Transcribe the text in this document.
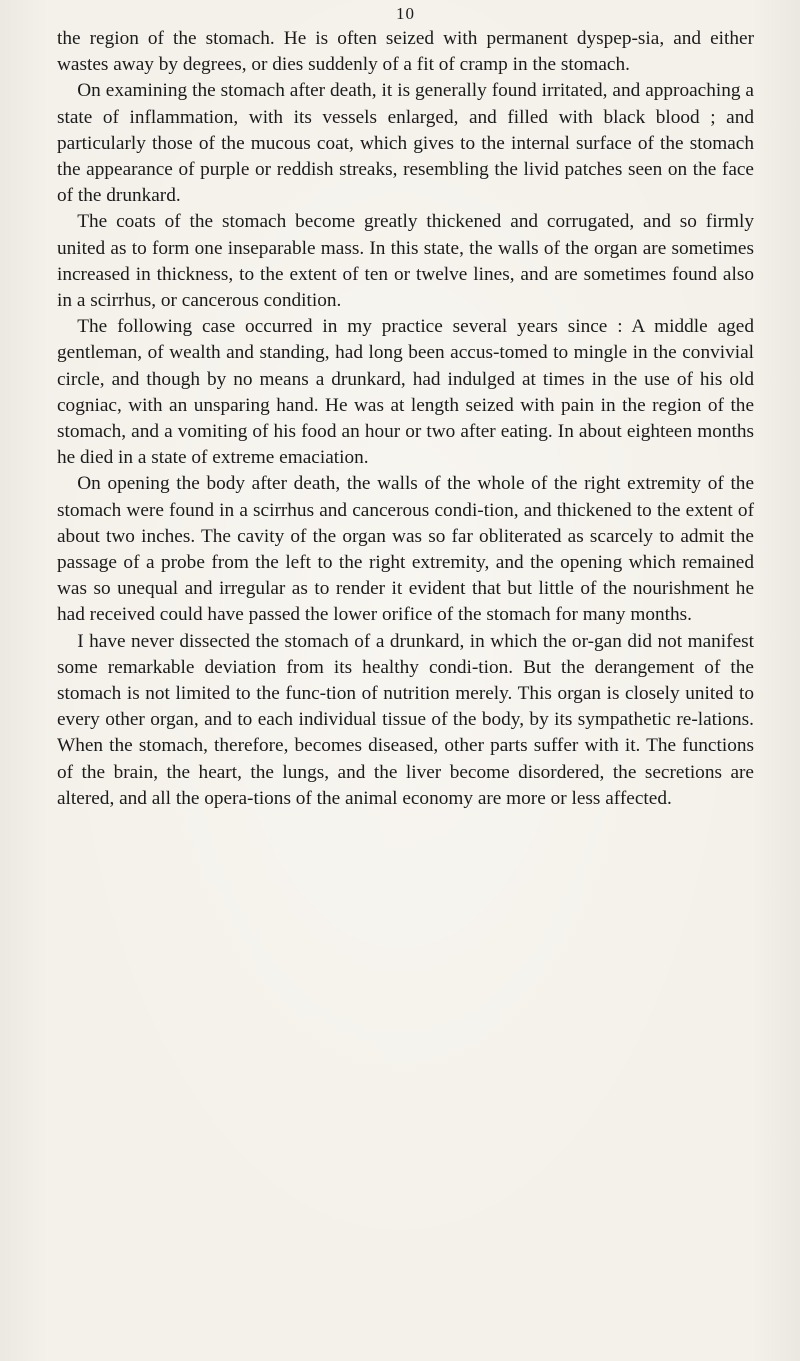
10

the region of the stomach. He is often seized with permanent dyspep-sia, and either wastes away by degrees, or dies suddenly of a fit of cramp in the stomach.

On examining the stomach after death, it is generally found irritated, and approaching a state of inflammation, with its vessels enlarged, and filled with black blood ; and particularly those of the mucous coat, which gives to the internal surface of the stomach the appearance of purple or reddish streaks, resembling the livid patches seen on the face of the drunkard.

The coats of the stomach become greatly thickened and corrugated, and so firmly united as to form one inseparable mass. In this state, the walls of the organ are sometimes increased in thickness, to the extent of ten or twelve lines, and are sometimes found also in a scirrhus, or cancerous condition.

The following case occurred in my practice several years since : A middle aged gentleman, of wealth and standing, had long been accus-tomed to mingle in the convivial circle, and though by no means a drunkard, had indulged at times in the use of his old cogniac, with an unsparing hand. He was at length seized with pain in the region of the stomach, and a vomiting of his food an hour or two after eating. In about eighteen months he died in a state of extreme emaciation.

On opening the body after death, the walls of the whole of the right extremity of the stomach were found in a scirrhus and cancerous condi-tion, and thickened to the extent of about two inches. The cavity of the organ was so far obliterated as scarcely to admit the passage of a probe from the left to the right extremity, and the opening which remained was so unequal and irregular as to render it evident that but little of the nourishment he had received could have passed the lower orifice of the stomach for many months.

I have never dissected the stomach of a drunkard, in which the or-gan did not manifest some remarkable deviation from its healthy condi-tion. But the derangement of the stomach is not limited to the func-tion of nutrition merely. This organ is closely united to every other organ, and to each individual tissue of the body, by its sympathetic re-lations. When the stomach, therefore, becomes diseased, other parts suffer with it. The functions of the brain, the heart, the lungs, and the liver become disordered, the secretions are altered, and all the opera-tions of the animal economy are more or less affected.
